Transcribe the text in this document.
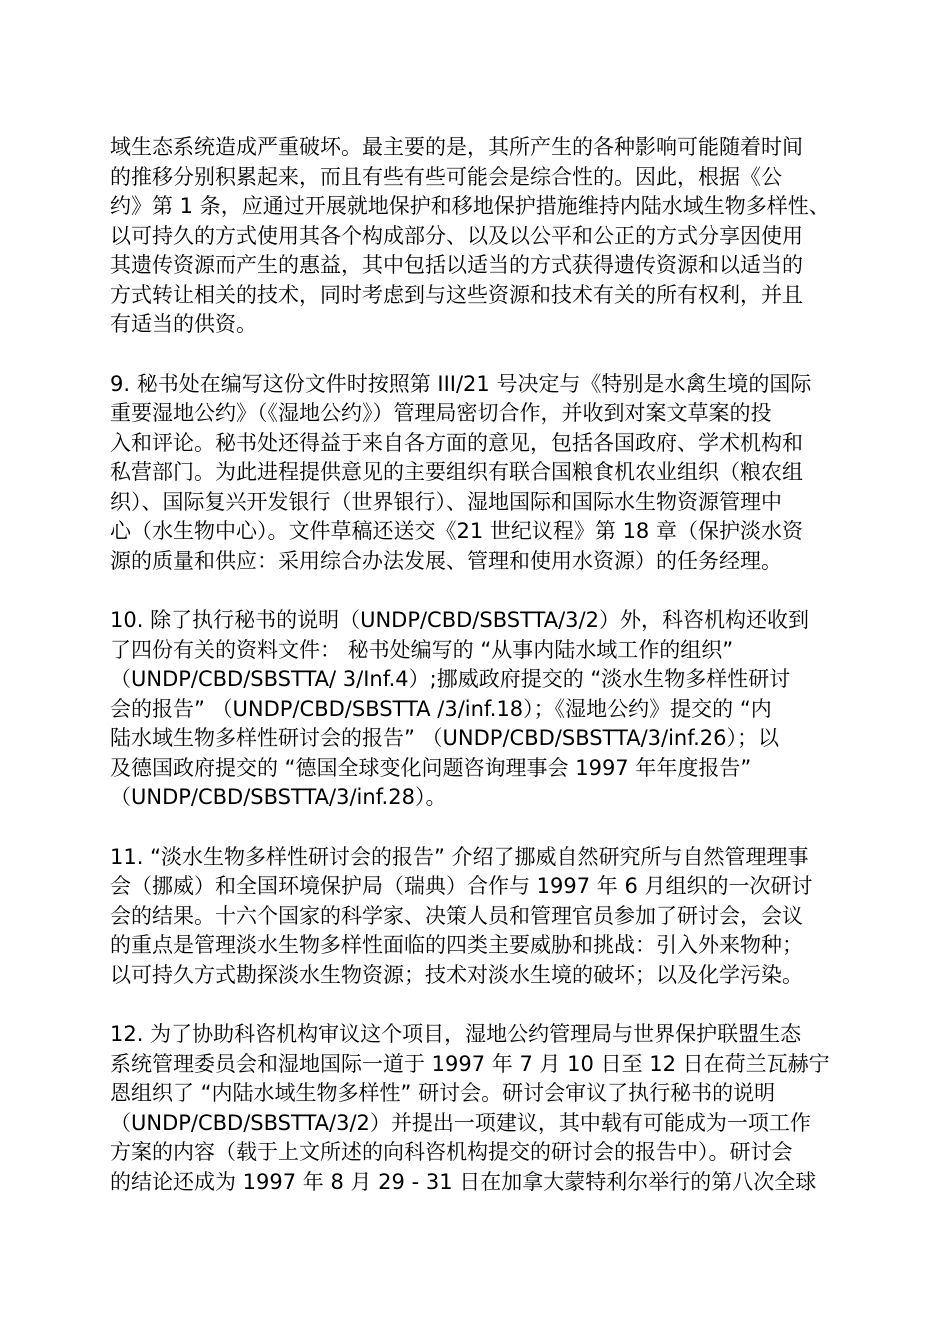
域生态系统造成严重破坏。最主要的是，其所产生的各种影响可能随着时间
的推移分别积累起来，而且有些有些可能会是综合性的。因此，根据《公
约》第 1 条，应通过开展就地保护和移地保护措施维持内陆水域生物多样性、
以可持久的方式使用其各个构成部分、以及以公平和公正的方式分享因使用
其遗传资源而产生的惠益，其中包括以适当的方式获得遗传资源和以适当的
方式转让相关的技术，同时考虑到与这些资源和技术有关的所有权利，并且
有适当的供资。
9. 秘书处在编写这份文件时按照第 III/21 号决定与《特别是水禽生境的国际
重要湿地公约》（《湿地公约》）管理局密切合作，并收到对案文草案的投
入和评论。秘书处还得益于来自各方面的意见，包括各国政府、学术机构和
私营部门。为此进程提供意见的主要组织有联合国粮食机农业组织（粮农组
织）、国际复兴开发银行（世界银行）、湿地国际和国际水生物资源管理中
心（水生物中心）。文件草稿还送交《21 世纪议程》第 18 章（保护淡水资
源的质量和供应：采用综合办法发展、管理和使用水资源）的任务经理。
10. 除了执行秘书的说明（UNDP/CBD/SBSTTA/3/2）外，科咨机构还收到
了四份有关的资料文件： 秘书处编写的 “从事内陆水域工作的组织”
（UNDP/CBD/SBSTTA/ 3/Inf.4）;挪威政府提交的 “淡水生物多样性研讨
会的报告” （UNDP/CBD/SBSTTA /3/inf.18）；《湿地公约》提交的 “内
陆水域生物多样性研讨会的报告” （UNDP/CBD/SBSTTA/3/inf.26）；以
及德国政府提交的 “德国全球变化问题咨询理事会 1997 年年度报告”
（UNDP/CBD/SBSTTA/3/inf.28）。
11. “淡水生物多样性研讨会的报告” 介绍了挪威自然研究所与自然管理理事
会（挪威）和全国环境保护局（瑞典）合作与 1997 年 6 月组织的一次研讨
会的结果。十六个国家的科学家、决策人员和管理官员参加了研讨会，会议
的重点是管理淡水生物多样性面临的四类主要威胁和挑战：引入外来物种；
以可持久方式勘探淡水生物资源；技术对淡水生境的破坏；以及化学污染。
12. 为了协助科咨机构审议这个项目，湿地公约管理局与世界保护联盟生态
系统管理委员会和湿地国际一道于 1997 年 7 月 10 日至 12 日在荷兰瓦赫宁
恩组织了 “内陆水域生物多样性” 研讨会。研讨会审议了执行秘书的说明
（UNDP/CBD/SBSTTA/3/2）并提出一项建议，其中载有可能成为一项工作
方案的内容（载于上文所述的向科咨机构提交的研讨会的报告中）。研讨会
的结论还成为 1997 年 8 月 29 - 31 日在加拿大蒙特利尔举行的第八次全球
